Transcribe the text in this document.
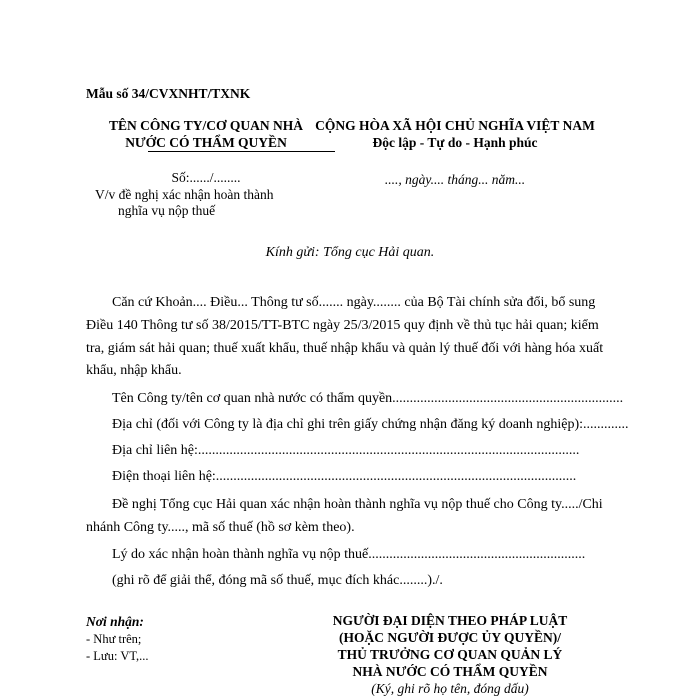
Mẫu số 34/CVXNHT/TXNK
TÊN CÔNG TY/CƠ QUAN NHÀ
NƯỚC CÓ THẨM QUYỀN
Số:....../........
V/v đề nghị xác nhận hoàn thành
nghĩa vụ nộp thuế
CỘNG HÒA XÃ HỘI CHỦ NGHĨA VIỆT NAM
Độc lập - Tự do - Hạnh phúc
...., ngày.... tháng... năm...
Kính gửi: Tổng cục Hải quan.
Căn cứ Khoản.... Điều... Thông tư số....... ngày........ của Bộ Tài chính sửa đổi, bổ sung
Điều 140 Thông tư số 38/2015/TT-BTC ngày 25/3/2015 quy định về thủ tục hải quan; kiểm
tra, giám sát hải quan; thuế xuất khẩu, thuế nhập khẩu và quản lý thuế đối với hàng hóa xuất
khẩu, nhập khẩu.
Tên Công ty/tên cơ quan nhà nước có thẩm quyền..................................................................
Địa chỉ (đối với Công ty là địa chỉ ghi trên giấy chứng nhận đăng ký doanh nghiệp):.............
Địa chỉ liên hệ:.............................................................................................................
Điện thoại liên hệ:.......................................................................................................
Đề nghị Tổng cục Hải quan xác nhận hoàn thành nghĩa vụ nộp thuế cho Công ty...../Chi
nhánh Công ty....., mã số thuế (hồ sơ kèm theo).
Lý do xác nhận hoàn thành nghĩa vụ nộp thuế..............................................................
(ghi rõ để giải thể, đóng mã số thuế, mục đích khác........)./.
Nơi nhận:
- Như trên;
- Lưu: VT,...
NGƯỜI ĐẠI DIỆN THEO PHÁP LUẬT
(HOẶC NGƯỜI ĐƯỢC ỦY QUYỀN)/
THỦ TRƯỞNG CƠ QUAN QUẢN LÝ
NHÀ NƯỚC CÓ THẨM QUYỀN
(Ký, ghi rõ họ tên, đóng dấu)
